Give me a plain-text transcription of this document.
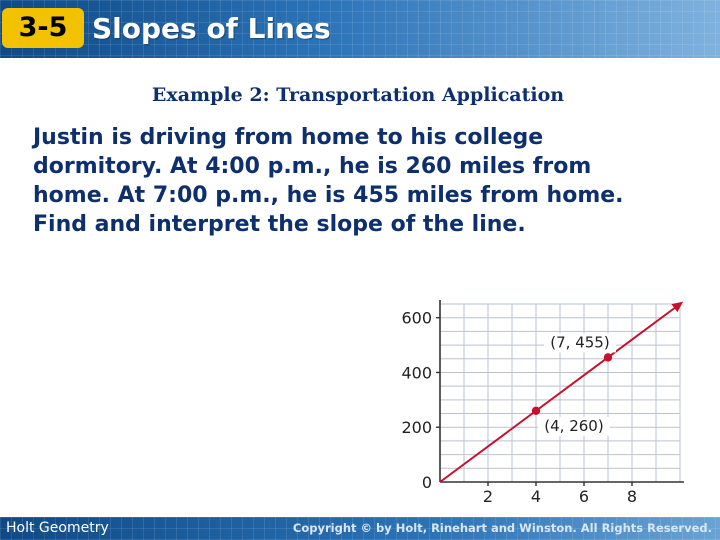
3-5 Slopes of Lines
Example 2: Transportation Application
Justin is driving from home to his college
dormitory. At 4:00 p.m., he is 260 miles from
home. At 7:00 p.m., he is 455 miles from home.
Find and interpret the slope of the line.
600
400
200
2 4 6 8
0
(4, 260)
(7, 455)
Holt Geometry	Copyright © by Holt, Rinehart and Winston. All Rights Reserved.
